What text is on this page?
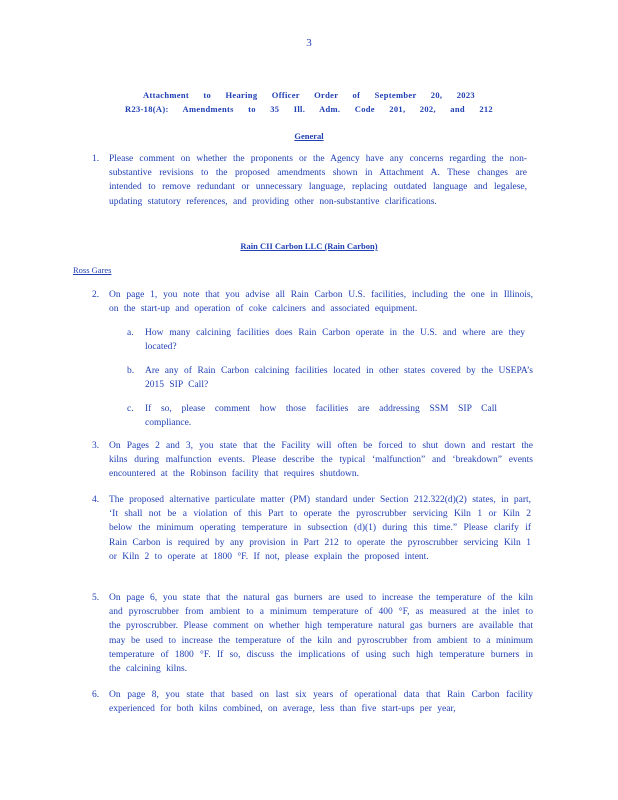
3
Attachment to Hearing Officer Order of September 20, 2023
R23-18(A): Amendments to 35 Ill. Adm. Code 201, 202, and 212
General
1. Please comment on whether the proponents or the Agency have any concerns regarding the non-substantive revisions to the proposed amendments shown in Attachment A. These changes are intended to remove redundant or unnecessary language, replacing outdated language and legalese, updating statutory references, and providing other non-substantive clarifications.
Rain CII Carbon LLC (Rain Carbon)
Ross Gares
2. On page 1, you note that you advise all Rain Carbon U.S. facilities, including the one in Illinois, on the start-up and operation of coke calciners and associated equipment.
a. How many calcining facilities does Rain Carbon operate in the U.S. and where are they located?
b. Are any of Rain Carbon calcining facilities located in other states covered by the USEPA’s 2015 SIP Call?
c. If so, please comment how those facilities are addressing SSM SIP Call compliance.
3. On Pages 2 and 3, you state that the Facility will often be forced to shut down and restart the kilns during malfunction events. Please describe the typical ‘malfunction” and ‘breakdown” events encountered at the Robinson facility that requires shutdown.
4. The proposed alternative particulate matter (PM) standard under Section 212.322(d)(2) states, in part, ‘It shall not be a violation of this Part to operate the pyroscrubber servicing Kiln 1 or Kiln 2 below the minimum operating temperature in subsection (d)(1) during this time.” Please clarify if Rain Carbon is required by any provision in Part 212 to operate the pyroscrubber servicing Kiln 1 or Kiln 2 to operate at 1800 °F. If not, please explain the proposed intent.
5. On page 6, you state that the natural gas burners are used to increase the temperature of the kiln and pyroscrubber from ambient to a minimum temperature of 400 °F, as measured at the inlet to the pyroscrubber. Please comment on whether high temperature natural gas burners are available that may be used to increase the temperature of the kiln and pyroscrubber from ambient to a minimum temperature of 1800 °F. If so, discuss the implications of using such high temperature burners in the calcining kilns.
6. On page 8, you state that based on last six years of operational data that Rain Carbon facility experienced for both kilns combined, on average, less than five start-ups per year,
